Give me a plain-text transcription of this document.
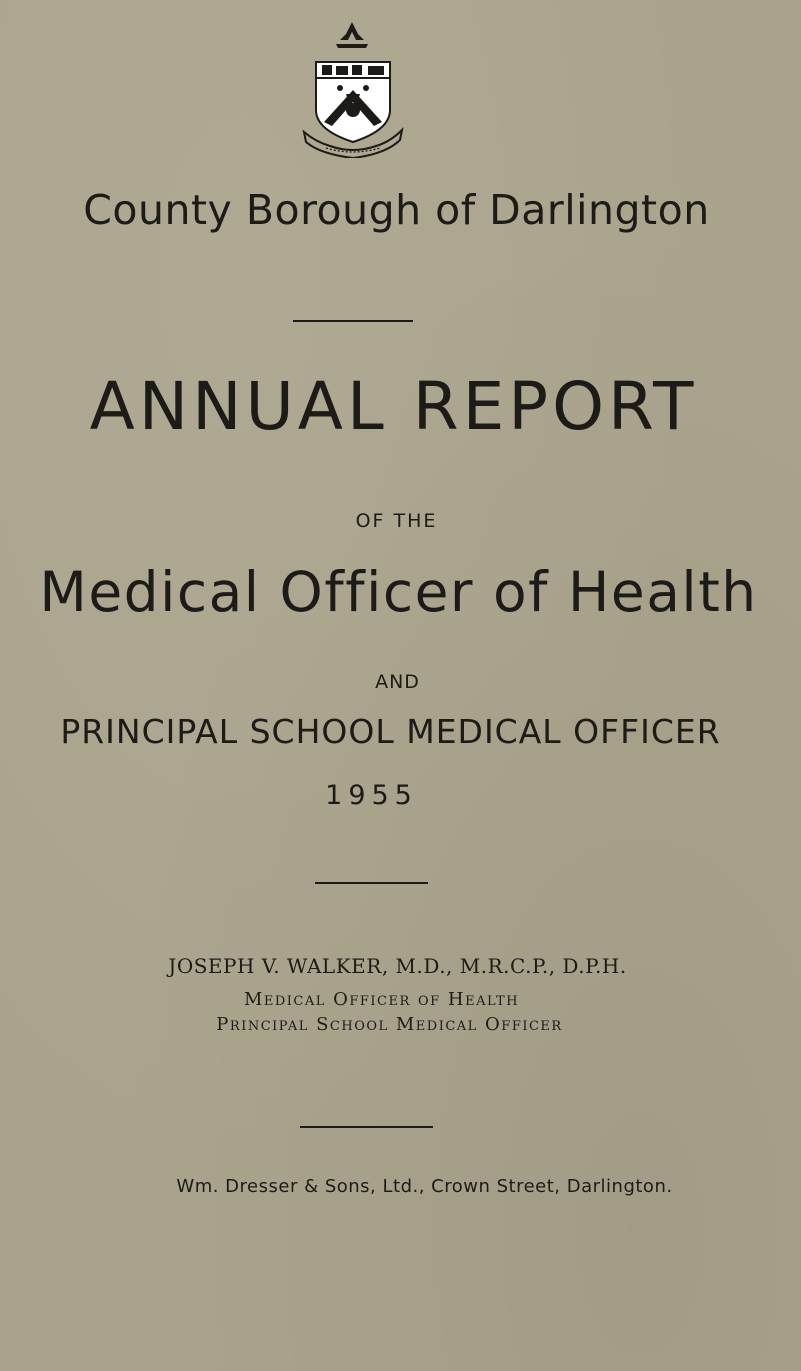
County Borough of Darlington
ANNUAL REPORT
OF THE
Medical Officer of Health
AND
PRINCIPAL SCHOOL MEDICAL OFFICER
1955
JOSEPH V. WALKER, M.D., M.R.C.P., D.P.H.
Medical Officer of Health
Principal School Medical Officer
Wm. Dresser & Sons, Ltd., Crown Street, Darlington.
